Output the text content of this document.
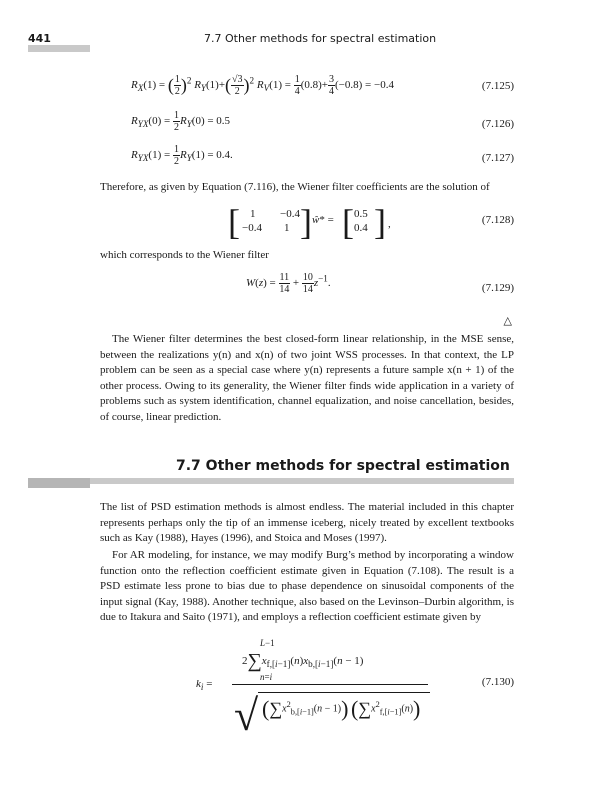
441	7.7 Other methods for spectral estimation
$R_X(1)$ = ( $\frac{1}{2} )^2$ $R_Y(1)+( \frac{√3}{2} )^2$ $R_V(1) = \frac{1}{4} (0.8)+ \frac{3}{4} (-0.8) = -0.4$	(7.125)
$R_{YX}(0) = \frac{1}{2} R_Y(0) = 0.5$	(7.126)
$R_{YX}(1) = \frac{1}{2} R_Y(1) = 0.4$.	(7.127)

Therefore, as given by Equation (7.116), the Wiener filter coefficients are the solution of

[ 1 −0.4
−0.4 1 ] ŵ* = [ 0.5
0.4 ] ,	(7.128)

which corresponds to the Wiener filter

$W(z) = \frac{11}{14} + \frac{10}{14} z^{-1}$.	(7.129)
△

The Wiener filter determines the best closed-form linear relationship, in the MSE sense, between the realizations y(n) and x(n) of two joint WSS processes. In that context, the LP problem can be seen as a special case where y(n) represents a future sample x(n + 1) of the other process. Owing to its generality, the Wiener filter finds wide application in a variety of problems such as system identification, channel equalization, and noise cancellation, besides, of course, linear prediction.

7.7 Other methods for spectral estimation

The list of PSD estimation methods is almost endless. The material included in this chapter represents perhaps only the tip of an immense iceberg, nicely treated by excellent textbooks such as Kay (1988), Hayes (1996), and Stoica and Moses (1997).

For AR modeling, for instance, we may modify Burg’s method by incorporating a window function onto the reflection coefficient estimate given in Equation (7.108). The result is a PSD estimate less prone to bias due to phase dependence on sinusoidal components of the input signal (Kay, 1988). Another technique, also based on the Levinson–Durbin algorithm, is due to Itakura and Saito (1971), and employs a reflection coefficient estimate given by

L−1
$2\sum x_{f,[i-1]}(n)x_{b,[i-1]}(n - 1)$
n=i
$k_i$ =
√ $(\sum x^2_{b,[i-1]}(n - 1))$ $(\sum x^2_{f,[i-1]}(n))$
(7.130)
